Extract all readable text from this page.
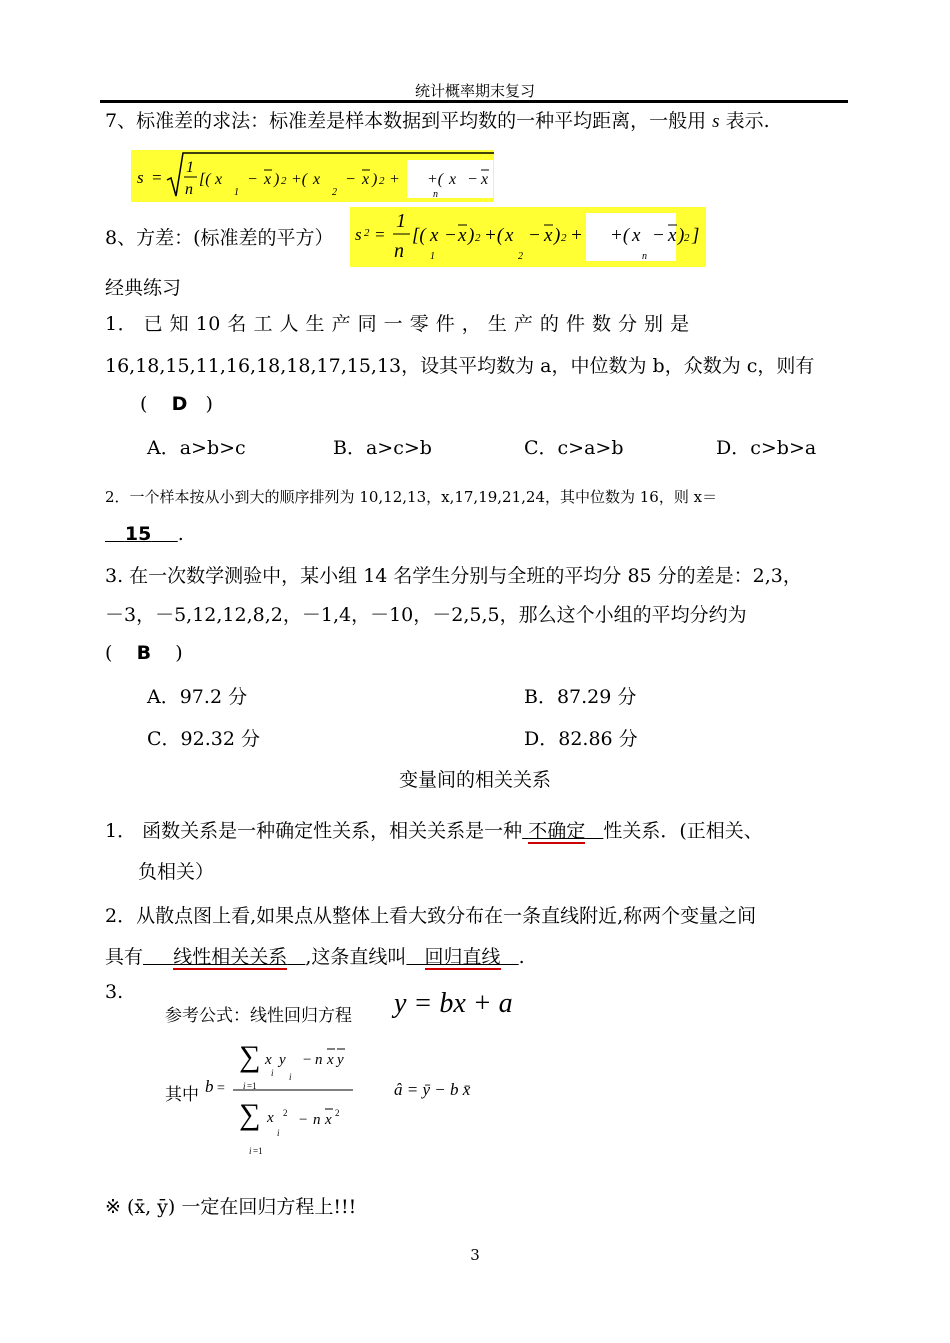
统计概率期末复习
7、标准差的求法：标准差是样本数据到平均数的一种平均距离，一般用 s 表示.
s =
1
n
[( x
1
− x ) 2 +( x
2
− x ) 2 + +( x
n
− x
8、方差：(标准差的平方） s 2 =
1
n
[( x
1
− x ) 2 +( x
2
− x ) 2 + +( x
n
− x ) 2 ]
经典练习
1． 已 知 10 名 工 人 生 产 同 一 零 件 ， 生 产 的 件 数 分 别 是
16,18,15,11,16,18,18,17,15,13，设其平均数为 a，中位数为 b，众数为 c，则有
(    D   )
A．a>b>c	B．a>c>b	C．c>a>b	D．c>b>a
2．一个样本按从小到大的顺序排列为 10,12,13，x,17,19,21,24，其中位数为 16，则 x＝
15 .
3. 在一次数学测验中，某小组 14 名学生分别与全班的平均分 85 分的差是：2,3，
－3，－5,12,12,8,2，－1,4，－10，－2,5,5，那么这个小组的平均分约为
(    B    )
A．97.2 分	B．87.29 分
C．92.32 分	D．82.86 分
变量间的相关关系
1． 函数关系是一种确定性关系，相关关系是一种 不确定 性关系．(正相关、
负相关）
2．从散点图上看,如果点从整体上看大致分布在一条直线附近,称两个变量之间
具有 线性相关关系 ,这条直线叫 回归直线 .
3.
参考公式：线性回归方程 y = bx + a
其中 b =
∑ x
i
y
i
− n x y
i =1
∑ x 2
i
− n x 2
i =1
â = ȳ − b x̄
※ (x̄, ȳ) 一定在回归方程上!!!
3
